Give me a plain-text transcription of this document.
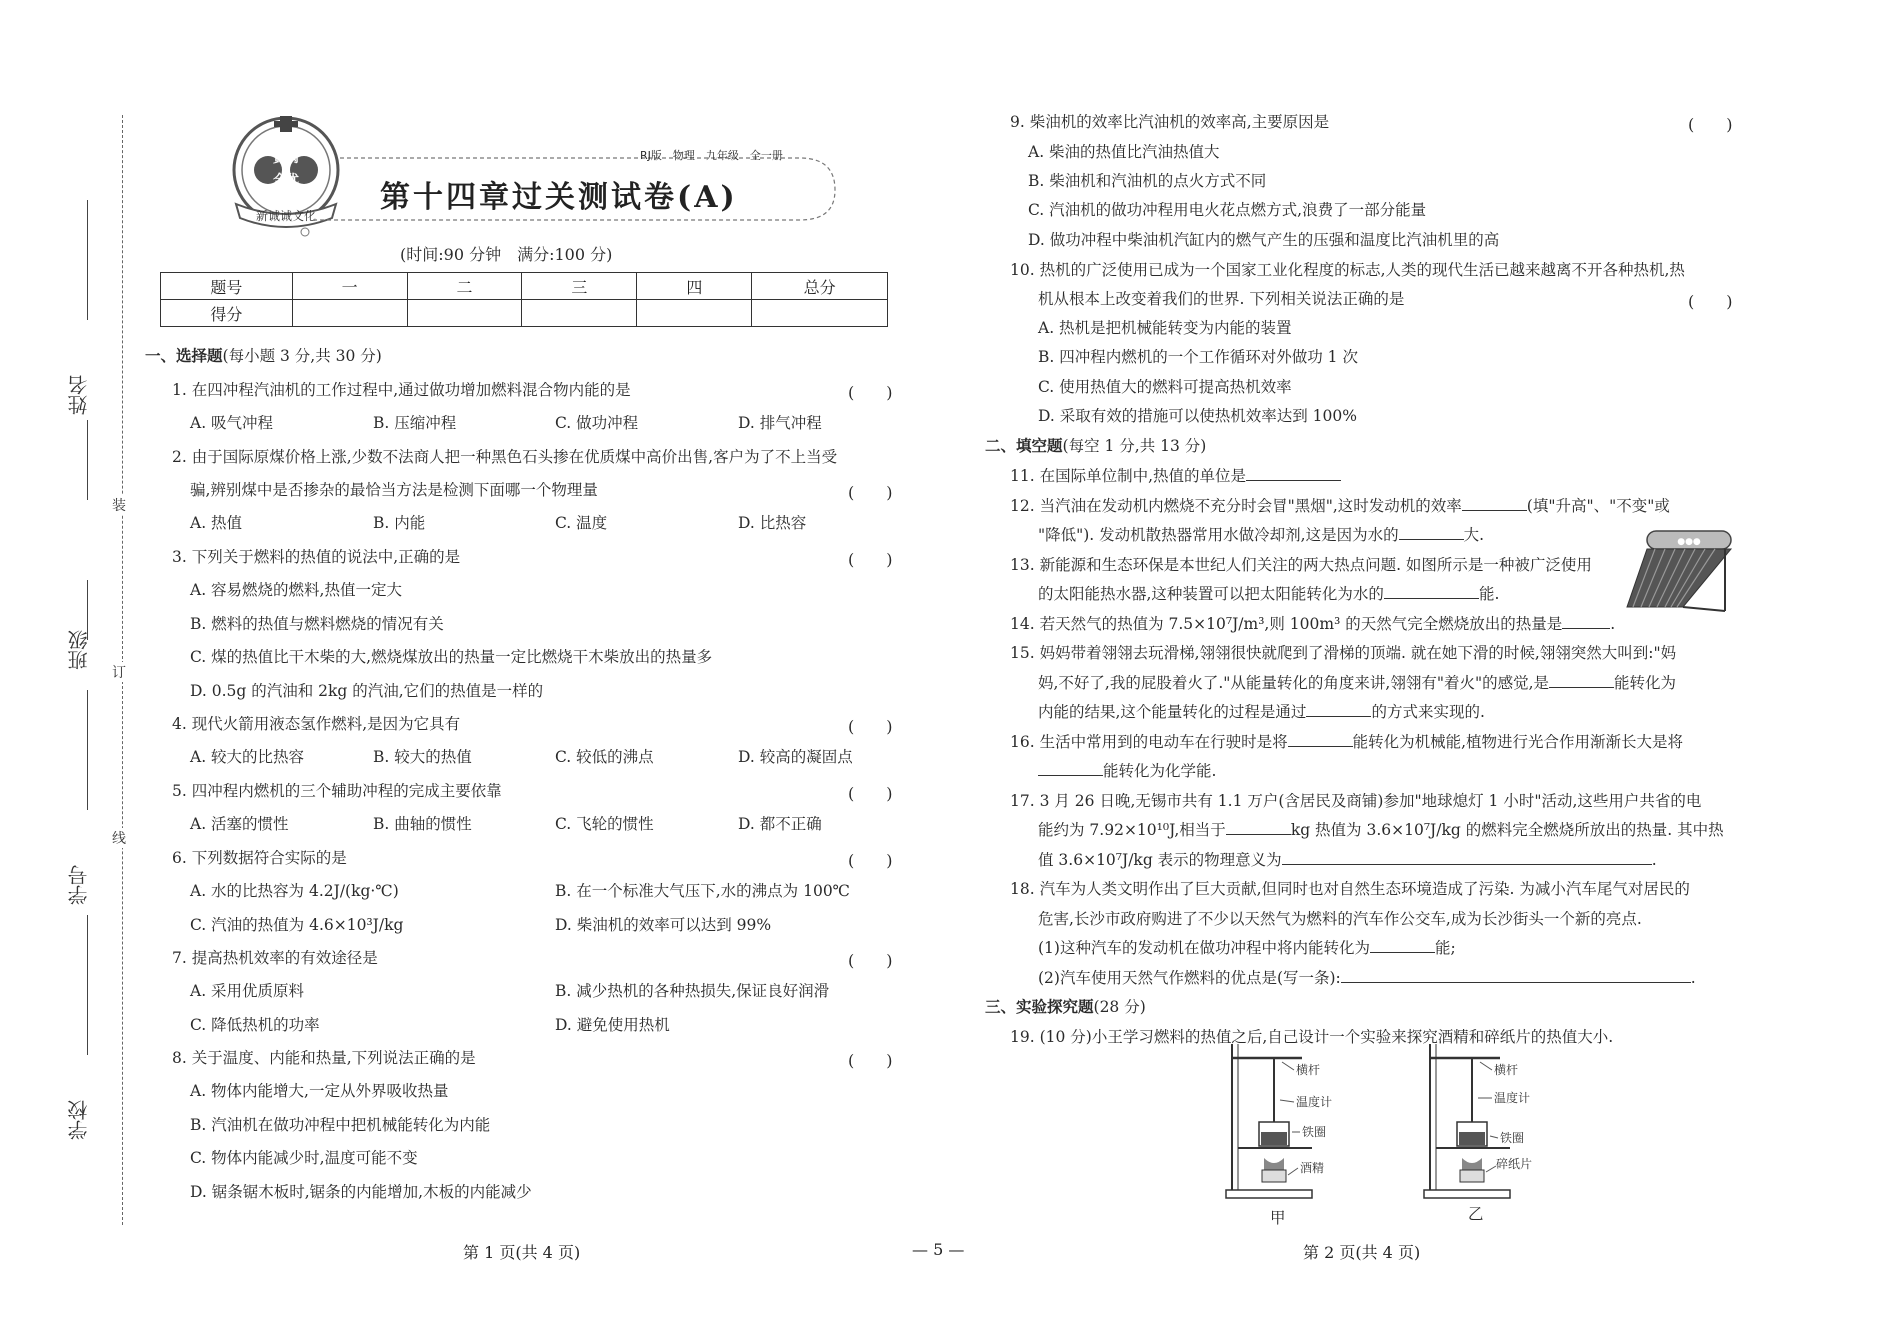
姓名
班级
学号
学校
装
订
线
黄冈
全优
新诚诚文化
RJ版　物理　九年级　全一册
第十四章过关测试卷(A)
(时间:90 分钟　满分:100 分)
题号	一	二	三	四	总分
得分					
一、选择题(每小题 3 分,共 30 分)
1. 在四冲程汽油机的工作过程中,通过做功增加燃料混合物内能的是	(　　)
A. 吸气冲程	B. 压缩冲程	C. 做功冲程	D. 排气冲程
2. 由于国际原煤价格上涨,少数不法商人把一种黑色石头掺在优质煤中高价出售,客户为了不上当受
骗,辨别煤中是否掺杂的最恰当方法是检测下面哪一个物理量	(　　)
A. 热值	B. 内能	C. 温度	D. 比热容
3. 下列关于燃料的热值的说法中,正确的是	(　　)
A. 容易燃烧的燃料,热值一定大
B. 燃料的热值与燃料燃烧的情况有关
C. 煤的热值比干木柴的大,燃烧煤放出的热量一定比燃烧干木柴放出的热量多
D. 0.5g 的汽油和 2kg 的汽油,它们的热值是一样的
4. 现代火箭用液态氢作燃料,是因为它具有	(　　)
A. 较大的比热容	B. 较大的热值	C. 较低的沸点	D. 较高的凝固点
5. 四冲程内燃机的三个辅助冲程的完成主要依靠	(　　)
A. 活塞的惯性	B. 曲轴的惯性	C. 飞轮的惯性	D. 都不正确
6. 下列数据符合实际的是	(　　)
A. 水的比热容为 4.2J/(kg·℃)	B. 在一个标准大气压下,水的沸点为 100℃
C. 汽油的热值为 4.6×10³J/kg	D. 柴油机的效率可以达到 99%
7. 提高热机效率的有效途径是	(　　)
A. 采用优质原料	B. 减少热机的各种热损失,保证良好润滑
C. 降低热机的功率	D. 避免使用热机
8. 关于温度、内能和热量,下列说法正确的是	(　　)
A. 物体内能增大,一定从外界吸收热量
B. 汽油机在做功冲程中把机械能转化为内能
C. 物体内能减少时,温度可能不变
D. 锯条锯木板时,锯条的内能增加,木板的内能减少
9. 柴油机的效率比汽油机的效率高,主要原因是	(　　)
A. 柴油的热值比汽油热值大
B. 柴油机和汽油机的点火方式不同
C. 汽油机的做功冲程用电火花点燃方式,浪费了一部分能量
D. 做功冲程中柴油机汽缸内的燃气产生的压强和温度比汽油机里的高
10. 热机的广泛使用已成为一个国家工业化程度的标志,人类的现代生活已越来越离不开各种热机,热
机从根本上改变着我们的世界. 下列相关说法正确的是	(　　)
A. 热机是把机械能转变为内能的装置
B. 四冲程内燃机的一个工作循环对外做功 1 次
C. 使用热值大的燃料可提高热机效率
D. 采取有效的措施可以使热机效率达到 100%
二、填空题(每空 1 分,共 13 分)
11. 在国际单位制中,热值的单位是
12. 当汽油在发动机内燃烧不充分时会冒"黑烟",这时发动机的效率	(填"升高"、"不变"或
"降低"). 发动机散热器常用水做冷却剂,这是因为水的	大.
13. 新能源和生态环保是本世纪人们关注的两大热点问题. 如图所示是一种被广泛使用
的太阳能热水器,这种装置可以把太阳能转化为水的	能.
●●●
14. 若天然气的热值为 7.5×10⁷J/m³,则 100m³ 的天然气完全燃烧放出的热量是	.
15. 妈妈带着翎翎去玩滑梯,翎翎很快就爬到了滑梯的顶端. 就在她下滑的时候,翎翎突然大叫到:"妈
妈,不好了,我的屁股着火了."从能量转化的角度来讲,翎翎有"着火"的感觉,是	能转化为
内能的结果,这个能量转化的过程是通过	的方式来实现的.
16. 生活中常用到的电动车在行驶时是将	能转化为机械能,植物进行光合作用渐渐长大是将
能转化为化学能.
17. 3 月 26 日晚,无锡市共有 1.1 万户(含居民及商铺)参加"地球熄灯 1 小时"活动,这些用户共省的电
能约为 7.92×10¹⁰J,相当于	kg 热值为 3.6×10⁷J/kg 的燃料完全燃烧所放出的热量. 其中热
值 3.6×10⁷J/kg 表示的物理意义为	.
18. 汽车为人类文明作出了巨大贡献,但同时也对自然生态环境造成了污染. 为减小汽车尾气对居民的
危害,长沙市政府购进了不少以天然气为燃料的汽车作公交车,成为长沙街头一个新的亮点.
(1)这种汽车的发动机在做功冲程中将内能转化为	能;
(2)汽车使用天然气作燃料的优点是(写一条):	.
三、实验探究题(28 分)
19. (10 分)小王学习燃料的热值之后,自己设计一个实验来探究酒精和碎纸片的热值大小.
横杆
温度计
铁圈
酒精
甲
横杆
温度计
铁圈
碎纸片
乙
第 1 页(共 4 页)	— 5 —	第 2 页(共 4 页)
